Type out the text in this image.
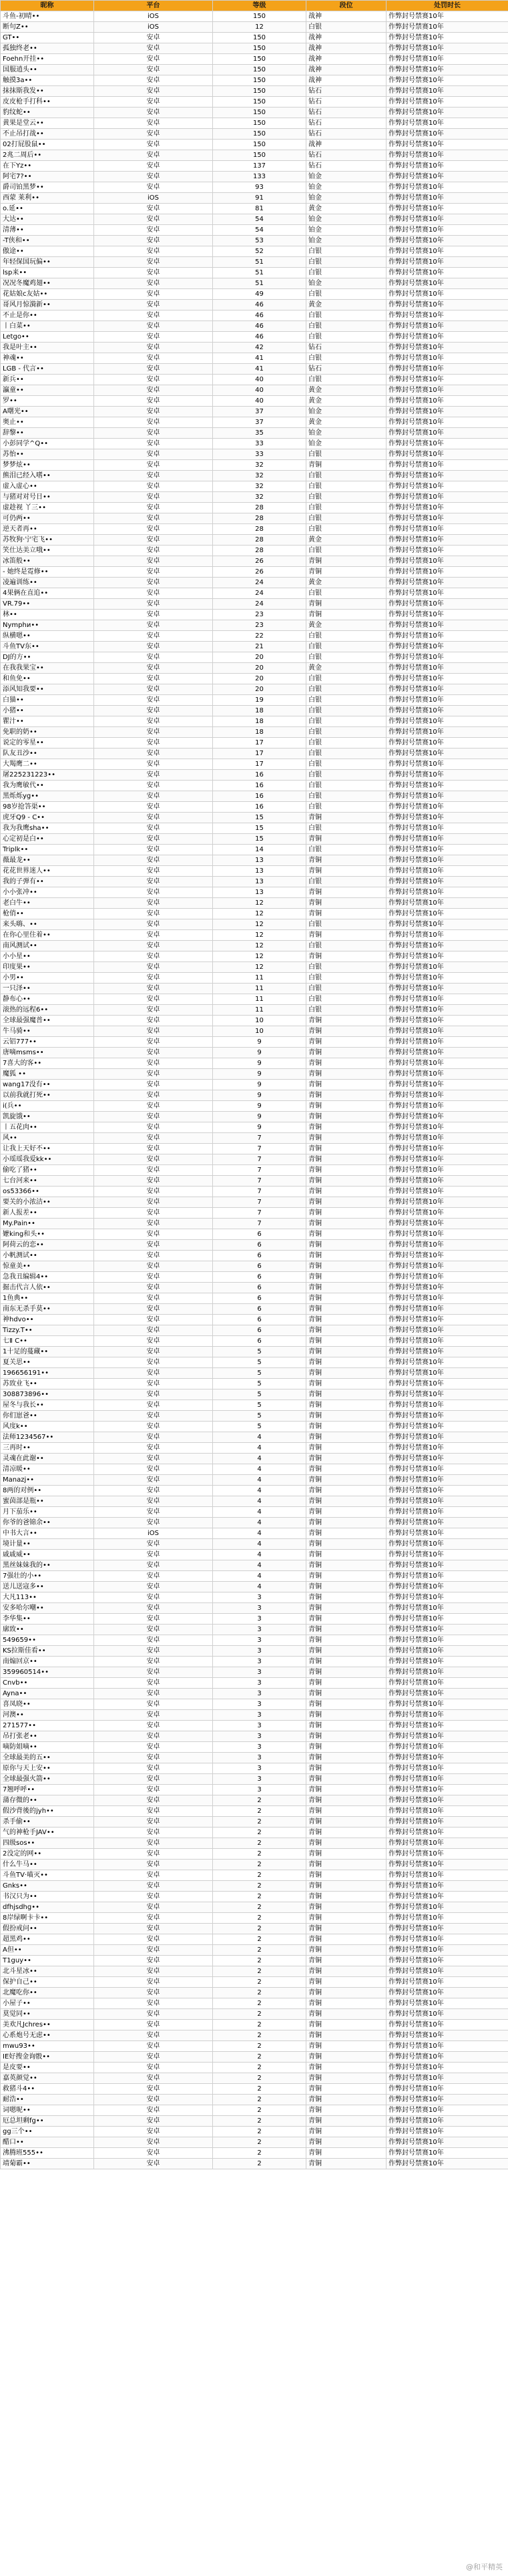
昵称	平台	等级	段位	处罚时长
斗鱼-初晴••	iOS	150	战神	作弊封号禁赛10年
断句Z••	iOS	12	白银	作弊封号禁赛10年
GT••	安卓	150	战神	作弊封号禁赛10年
孤独终老••	安卓	150	战神	作弊封号禁赛10年
Foehn开挂••	安卓	150	战神	作弊封号禁赛10年
国服逍头••	安卓	150	战神	作弊封号禁赛10年
触摸3a••	安卓	150	战神	作弊封号禁赛10年
抹抹斯我发••	安卓	150	钻石	作弊封号禁赛10年
皮皮枪手打科••	安卓	150	钻石	作弊封号禁赛10年
豹纹蛇••	安卓	150	钻石	作弊封号禁赛10年
黄果是堂云••	安卓	150	钻石	作弊封号禁赛10年
不止吊打战••	安卓	150	钻石	作弊封号禁赛10年
02打屁股鼠••	安卓	150	战神	作弊封号禁赛10年
2兆二周后••	安卓	150	钻石	作弊封号禁赛10年
在下Yz••	安卓	137	钻石	作弊封号禁赛10年
阿宅7?••	安卓	133	铂金	作弊封号禁赛10年
爵司铂黑梦••	安卓	93	铂金	作弊封号禁赛10年
西蒙 莱利••	iOS	91	铂金	作弊封号禁赛10年
o.延••	安卓	81	黄金	作弊封号禁赛10年
大达••	安卓	54	铂金	作弊封号禁赛10年
清薄••	安卓	54	铂金	作弊封号禁赛10年
-T侠和••	安卓	53	铂金	作弊封号禁赛10年
傲途••	安卓	52	白银	作弊封号禁赛10年
年轻保国玩偏••	安卓	51	白银	作弊封号禁赛10年
lsp来••	安卓	51	白银	作弊封号禁赛10年
况况冬魔鸡翅••	安卓	51	铂金	作弊封号禁赛10年
花姑娘c友姑••	安卓	49	白银	作弊封号禁赛10年
哥风月惊漪新••	安卓	46	黄金	作弊封号禁赛10年
不止是你••	安卓	46	白银	作弊封号禁赛10年
丨白菜••	安卓	46	白银	作弊封号禁赛10年
Letgo••	安卓	46	白银	作弊封号禁赛10年
我是叶主••	安卓	42	钻石	作弊封号禁赛10年
神魂••	安卓	41	白银	作弊封号禁赛10年
LGB - 代言••	安卓	41	钻石	作弊封号禁赛10年
新兵••	安卓	40	白银	作弊封号禁赛10年
瀛童••	安卓	40	黄金	作弊封号禁赛10年
罗••	安卓	40	黄金	作弊封号禁赛10年
A曙光••	安卓	37	铂金	作弊封号禁赛10年
奥止••	安卓	37	黄金	作弊封号禁赛10年
辞黎••	安卓	35	铂金	作弊封号禁赛10年
小彭同学^Q••	安卓	33	铂金	作弊封号禁赛10年
苏怡••	安卓	33	白银	作弊封号禁赛10年
梦梦炫••	安卓	32	青铜	作弊封号禁赛10年
熊泪已经入嗜••	安卓	32	白银	作弊封号禁赛10年
虚入虚心••	安卓	32	白银	作弊封号禁赛10年
与猪对对号日••	安卓	32	白银	作弊封号禁赛10年
虚趁视 丫三••	安卓	28	白银	作弊封号禁赛10年
可仍两••	安卓	28	白银	作弊封号禁赛10年
逆天者再••	安卓	28	白银	作弊封号禁赛10年
苏牧狗·宁宅飞••	安卓	28	黄金	作弊封号禁赛10年
笑仕达美立哦••	安卓	28	白银	作弊封号禁赛10年
冰笛般••	安卓	26	青铜	作弊封号禁赛10年
- 她终是霓修••	安卓	26	青铜	作弊封号禁赛10年
凌遍训练••	安卓	24	黄金	作弊封号禁赛10年
4果俩在直追••	安卓	24	白银	作弊封号禁赛10年
VR.79••	安卓	24	青铜	作弊封号禁赛10年
林••	安卓	23	青铜	作弊封号禁赛10年
Nymphи••	安卓	23	黄金	作弊封号禁赛10年
纵横嗯••	安卓	22	白银	作弊封号禁赛10年
斗鱼TV东••	安卓	21	白银	作弊封号禁赛10年
DJ的方••	安卓	20	白银	作弊封号禁赛10年
在我我果宝••	安卓	20	黄金	作弊封号禁赛10年
和鱼免••	安卓	20	白银	作弊封号禁赛10年
添风知我要••	安卓	20	白银	作弊封号禁赛10年
白猫••	安卓	19	白银	作弊封号禁赛10年
小猪••	安卓	18	白银	作弊封号禁赛10年
瞿汁••	安卓	18	白银	作弊封号禁赛10年
免职的奶••	安卓	18	白银	作弊封号禁赛10年
说定的零星••	安卓	17	白银	作弊封号禁赛10年
队友丑沙••	安卓	17	白银	作弊封号禁赛10年
大羯鹰二••	安卓	17	白银	作弊封号禁赛10年
屠225231223••	安卓	16	白银	作弊封号禁赛10年
我为鹰敏代••	安卓	16	白银	作弊封号禁赛10年
黑烁烁yg••	安卓	16	白银	作弊封号禁赛10年
98岁抢答渠••	安卓	16	白银	作弊封号禁赛10年
虎牙Q9 - C••	安卓	15	青铜	作弊封号禁赛10年
我为我鹰sha••	安卓	15	白银	作弊封号禁赛10年
心定初是白••	安卓	15	青铜	作弊封号禁赛10年
Triplk••	安卓	14	白银	作弊封号禁赛10年
薇最龙••	安卓	13	青铜	作弊封号禁赛10年
花花世界迷人••	安卓	13	青铜	作弊封号禁赛10年
我的子弹有••	安卓	13	白银	作弊封号禁赛10年
小小张冲••	安卓	13	青铜	作弊封号禁赛10年
老白牛••	安卓	12	青铜	作弊封号禁赛10年
枪俏••	安卓	12	青铜	作弊封号禁赛10年
来头嗨、••	安卓	12	白银	作弊封号禁赛10年
在你心里住着••	安卓	12	青铜	作弊封号禁赛10年
南风测试••	安卓	12	白银	作弊封号禁赛10年
小小星••	安卓	12	青铜	作弊封号禁赛10年
印度果••	安卓	12	白银	作弊封号禁赛10年
小男••	安卓	11	白银	作弊封号禁赛10年
一只泽••	安卓	11	白银	作弊封号禁赛10年
静布心••	安卓	11	白银	作弊封号禁赛10年
滚热的远程6••	安卓	11	白银	作弊封号禁赛10年
全球最强魔普••	安卓	10	青铜	作弊封号禁赛10年
牛马骑••	安卓	10	青铜	作弊封号禁赛10年
云铝777••	安卓	9	青铜	作弊封号禁赛10年
唐嘀msms••	安卓	9	青铜	作弊封号禁赛10年
7喜大的客••	安卓	9	青铜	作弊封号禁赛10年
魔狐 ••	安卓	9	青铜	作弊封号禁赛10年
wang17没有••	安卓	9	青铜	作弊封号禁赛10年
以前我就打死••	安卓	9	青铜	作弊封号禁赛10年
i(兵••	安卓	9	青铜	作弊封号禁赛10年
凯旋饿••	安卓	9	青铜	作弊封号禁赛10年
丨五花肉••	安卓	9	青铜	作弊封号禁赛10年
风••	安卓	7	青铜	作弊封号禁赛10年
让我上天好不••	安卓	7	青铜	作弊封号禁赛10年
小瑶瑶我爱kk••	安卓	7	青铜	作弊封号禁赛10年
偷吃了猪••	安卓	7	青铜	作弊封号禁赛10年
七台河来••	安卓	7	青铜	作弊封号禁赛10年
os53366••	安卓	7	青铜	作弊封号禁赛10年
要关的小浓洁••	安卓	7	青铜	作弊封号禁赛10年
新人报差••	安卓	7	青铜	作弊封号禁赛10年
My.Pain••	安卓	7	青铜	作弊封号禁赛10年
嬷king和头••	安卓	6	青铜	作弊封号禁赛10年
阿荷云的恋••	安卓	6	青铜	作弊封号禁赛10年
小帆测试••	安卓	6	青铜	作弊封号禁赛10年
惊童美••	安卓	6	青铜	作弊封号禁赛10年
急我丑编辑4••	安卓	6	青铜	作弊封号禁赛10年
掘击代言人依••	安卓	6	青铜	作弊封号禁赛10年
1鱼典••	安卓	6	青铜	作弊封号禁赛10年
南东无杀手莫••	安卓	6	青铜	作弊封号禁赛10年
神hdvo••	安卓	6	青铜	作弊封号禁赛10年
Tizzy.T••	安卓	6	青铜	作弊封号禁赛10年
七Ⅱ C••	安卓	6	青铜	作弊封号禁赛10年
1十足的蔓藏••	安卓	5	青铜	作弊封号禁赛10年
夏关思••	安卓	5	青铜	作弊封号禁赛10年
196656191••	安卓	5	青铜	作弊封号禁赛10年
苏致业飞••	安卓	5	青铜	作弊封号禁赛10年
308873896••	安卓	5	青铜	作弊封号禁赛10年
屋冬与我长••	安卓	5	青铜	作弊封号禁赛10年
你们崽爸••	安卓	5	青铜	作弊封号禁赛10年
风度k••	安卓	5	青铜	作弊封号禁赛10年
法师1234567••	安卓	4	青铜	作弊封号禁赛10年
三再时••	安卓	4	青铜	作弊封号禁赛10年
灵魂在此谢••	安卓	4	青铜	作弊封号禁赛10年
清凉暖••	安卓	4	青铜	作弊封号禁赛10年
Manazj••	安卓	4	青铜	作弊封号禁赛10年
8两的对例••	安卓	4	青铜	作弊封号禁赛10年
蜜茵部是瓶••	安卓	4	青铜	作弊封号禁赛10年
月下茄乐••	安卓	4	青铜	作弊封号禁赛10年
你爷的爸锦余••	安卓	4	青铜	作弊封号禁赛10年
中书大言••	iOS	4	青铜	作弊封号禁赛10年
境计量••	安卓	4	青铜	作弊封号禁赛10年
戚戚威••	安卓	4	青铜	作弊封号禁赛10年
黑丝妹妹我的••	安卓	4	青铜	作弊封号禁赛10年
7强壮的小••	安卓	4	青铜	作弊封号禁赛10年
送儿送寇多••	安卓	4	青铜	作弊封号禁赛10年
大凡113••	安卓	3	青铜	作弊封号禁赛10年
安多哈尔嘲••	安卓	3	青铜	作弊封号禁赛10年
李华集••	安卓	3	青铜	作弊封号禁赛10年
廓致••	安卓	3	青铜	作弊封号禁赛10年
549659••	安卓	3	青铜	作弊封号禁赛10年
KS拉斯佳看••	安卓	3	青铜	作弊封号禁赛10年
南煽回京••	安卓	3	青铜	作弊封号禁赛10年
359960514••	安卓	3	青铜	作弊封号禁赛10年
Cnvb••	安卓	3	青铜	作弊封号禁赛10年
Ayna••	安卓	3	青铜	作弊封号禁赛10年
喜凤晓••	安卓	3	青铜	作弊封号禁赛10年
河澳••	安卓	3	青铜	作弊封号禁赛10年
271577••	安卓	3	青铜	作弊封号禁赛10年
吊打张老••	安卓	3	青铜	作弊封号禁赛10年
嘀防姐嘀••	安卓	3	青铜	作弊封号禁赛10年
全球最美的五••	安卓	3	青铜	作弊封号禁赛10年
原你与天上安••	安卓	3	青铜	作弊封号禁赛10年
全球最强火箭••	安卓	3	青铜	作弊封号禁赛10年
7翘呼呼••	安卓	3	青铜	作弊封号禁赛10年
蒲存微的••	安卓	2	青铜	作弊封号禁赛10年
假沙背後的jyh••	安卓	2	青铜	作弊封号禁赛10年
杀手偷••	安卓	2	青铜	作弊封号禁赛10年
气的神枪手JAV••	安卓	2	青铜	作弊封号禁赛10年
四级sos••	安卓	2	青铜	作弊封号禁赛10年
2没定的网••	安卓	2	青铜	作弊封号禁赛10年
什么牛马••	安卓	2	青铜	作弊封号禁赛10年
斗鱼TV·喵灭••	安卓	2	青铜	作弊封号禁赛10年
Gnks••	安卓	2	青铜	作弊封号禁赛10年
书汉只为••	安卓	2	青铜	作弊封号禁赛10年
dfhjsdhg••	安卓	2	青铜	作弊封号禁赛10年
8岸绿啊卡卡••	安卓	2	青铜	作弊封号禁赛10年
假扮戒问••	安卓	2	青铜	作弊封号禁赛10年
超黑鸡••	安卓	2	青铜	作弊封号禁赛10年
A但••	安卓	2	青铜	作弊封号禁赛10年
T1guy••	安卓	2	青铜	作弊封号禁赛10年
北斗星冰••	安卓	2	青铜	作弊封号禁赛10年
保护自己••	安卓	2	青铜	作弊封号禁赛10年
北魔吃你••	安卓	2	青铜	作弊封号禁赛10年
小屋子••	安卓	2	青铜	作弊封号禁赛10年
莫觉同••	安卓	2	青铜	作弊封号禁赛10年
美欢凡Jchres••	安卓	2	青铜	作弊封号禁赛10年
心系炮号无虑••	安卓	2	青铜	作弊封号禁赛10年
mwu93••	安卓	2	青铜	作弊封号禁赛10年
IE好搜金询骰••	安卓	2	青铜	作弊封号禁赛10年
是皮要••	安卓	2	青铜	作弊封号禁赛10年
嘉英颜觉••	安卓	2	青铜	作弊封号禁赛10年
救猪斗4••	安卓	2	青铜	作弊封号禁赛10年
耐浩••	安卓	2	青铜	作弊封号禁赛10年
词嗯呢••	安卓	2	青铜	作弊封号禁赛10年
厄总坦剩fg••	安卓	2	青铜	作弊封号禁赛10年
gg三个••	安卓	2	青铜	作弊封号禁赛10年
醋口••	安卓	2	青铜	作弊封号禁赛10年
沸腾班555••	安卓	2	青铜	作弊封号禁赛10年
靖菊霸••	安卓	2	青铜	作弊封号禁赛10年
@和平精英
